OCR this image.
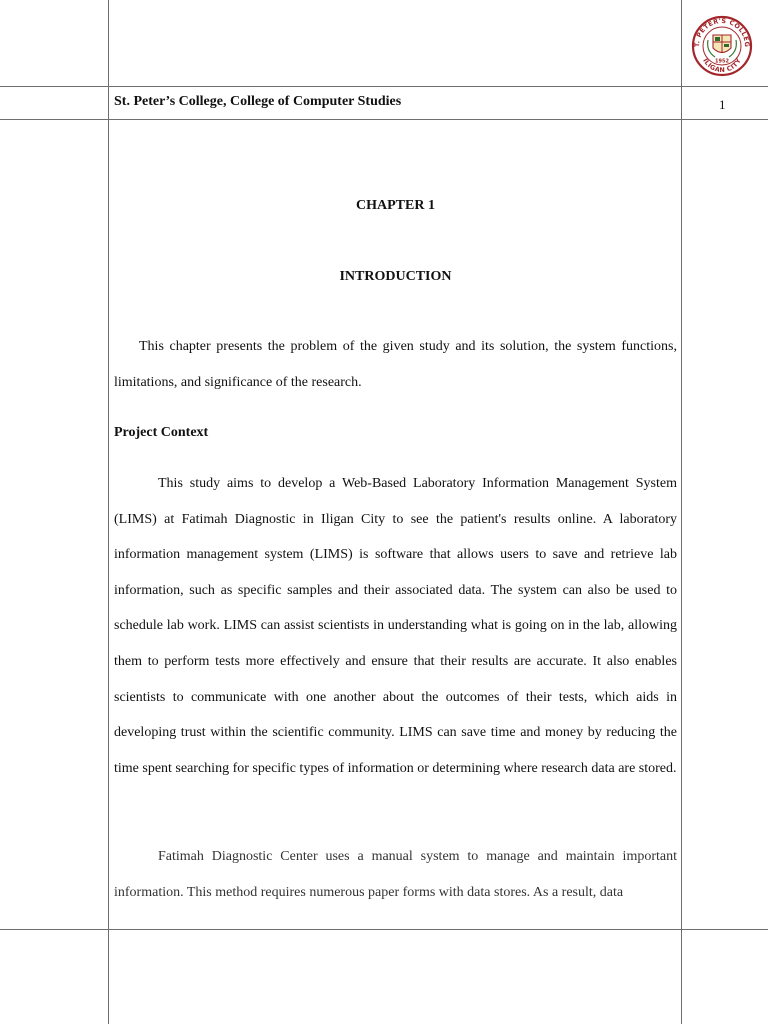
T. PETER'S COLLEG
ILIGAN CITY
1952
St. Peter’s College, College of Computer Studies	1
CHAPTER 1
INTRODUCTION

This chapter presents the problem of the given study and its solution, the system functions, limitations, and significance of the research.

Project Context

This study aims to develop a Web-Based Laboratory Information Management System (LIMS) at Fatimah Diagnostic in Iligan City to see the patient's results online. A laboratory information management system (LIMS) is software that allows users to save and retrieve lab information, such as specific samples and their associated data. The system can also be used to schedule lab work. LIMS can assist scientists in understanding what is going on in the lab, allowing them to perform tests more effectively and ensure that their results are accurate. It also enables scientists to communicate with one another about the outcomes of their tests, which aids in developing trust within the scientific community. LIMS can save time and money by reducing the time spent searching for specific types of information or determining where research data are stored.

Fatimah Diagnostic Center uses a manual system to manage and maintain important information. This method requires numerous paper forms with data stores. As a result, data
